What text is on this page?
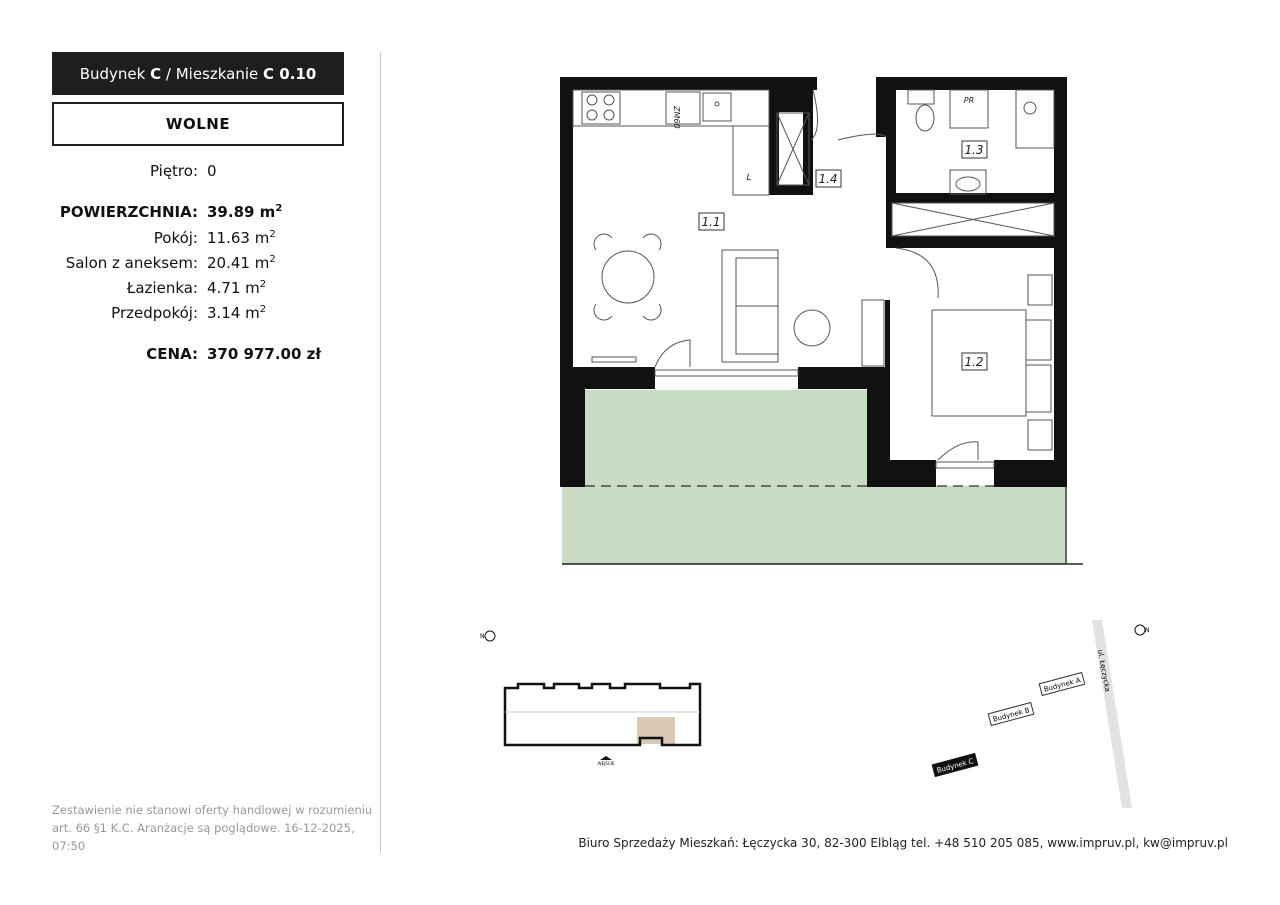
Budynek
C / Mieszkanie
C 0.10
WOLNE
Piętro: 0
POWIERZCHNIA: 39.89 $m^2$
Pokój: 11.63 $m^2$
Salon z aneksem: 20.41 $m^2$
Łazienka: 4.71 $m^2$
Przedpokój: 3.14 $m^2$
CENA: 370 977.00 zł
Zestawienie nie stanowi oferty handlowej w rozumieniu art. 66 §1 K.C. Aranżacje są poglądowe. 16-12-2025, 07:50	Biuro Sprzedaży Mieszkań: Łęczycka 30, 82-300 Elbląg tel. +48 510 205 085, www.impruv.pl, kw@impruv.pl
1.1
1.2
1.3
1.4
L
PR
ZM60
WEJŚCIE
N
ul. Łęczycka
N
Budynek A
Budynek B
Budynek C
